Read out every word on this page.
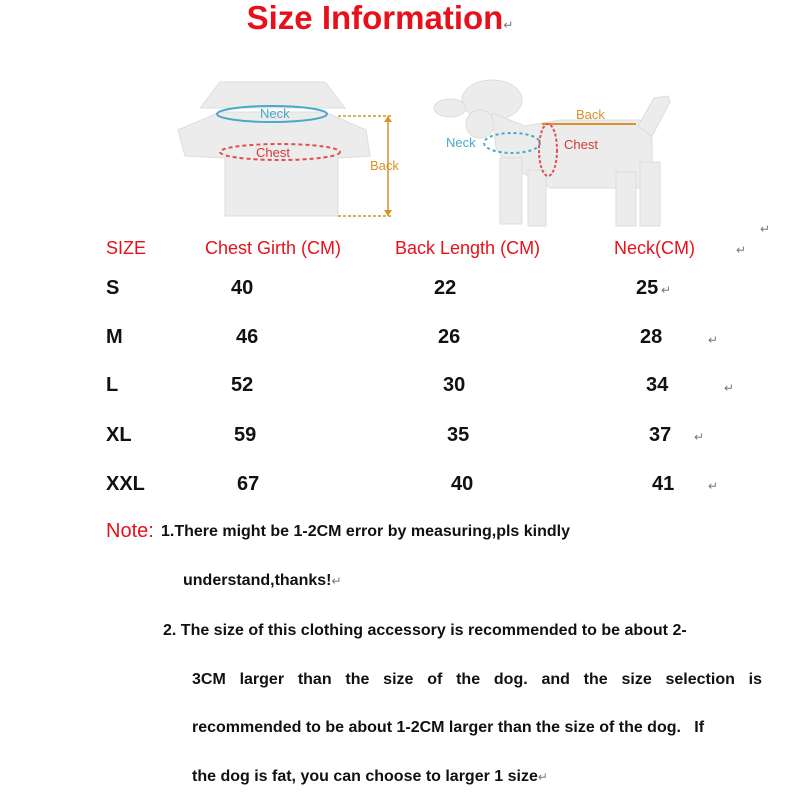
Size Information↵
Neck
Chest
Back
Back
Neck	Chest
SIZE	Chest Girth (CM)	Back Length (CM)	Neck(CM)	↵
↵
S	40	22	25 ↵
M	46	26	28	↵
L	52	30	34	↵
XL	59	35	37 ↵
XXL	67	40	41	↵
Note: 1.There might be 1-2CM error by measuring,pls kindly
understand,thanks!↵
2. The size of this clothing accessory is recommended to be about 2-
3CM larger than the size of the dog. and the size selection is
recommended to be about 1-2CM larger than the size of the dog.   If
the dog is fat, you can choose to larger 1 size↵
